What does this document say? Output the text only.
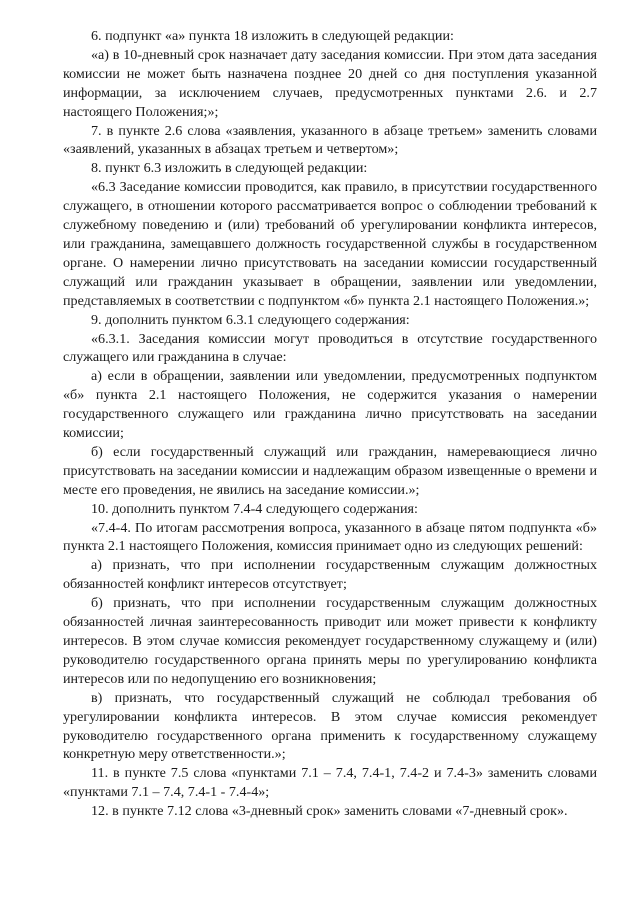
6. подпункт «а» пункта 18 изложить в следующей редакции:

«а) в 10-дневный срок назначает дату заседания комиссии. При этом дата заседания комиссии не может быть назначена позднее 20 дней со дня поступления указанной информации, за исключением случаев, предусмотренных пунктами 2.6. и 2.7 настоящего Положения;»;

7. в пункте 2.6 слова «заявления, указанного в абзаце третьем» заменить словами «заявлений, указанных в абзацах третьем и четвертом»;

8. пункт 6.3 изложить в следующей редакции:

«6.3 Заседание комиссии проводится, как правило, в присутствии государственного служащего, в отношении которого рассматривается вопрос о соблюдении требований к служебному поведению и (или) требований об урегулировании конфликта интересов, или гражданина, замещавшего должность государственной службы в государственном органе. О намерении лично присутствовать на заседании комиссии государственный служащий или гражданин указывает в обращении, заявлении или уведомлении, представляемых в соответствии с подпунктом «б» пункта 2.1 настоящего Положения.»;

9. дополнить пунктом 6.3.1 следующего содержания:

«6.3.1. Заседания комиссии могут проводиться в отсутствие государственного служащего или гражданина в случае:

а) если в обращении, заявлении или уведомлении, предусмотренных подпунктом «б» пункта 2.1 настоящего Положения, не содержится указания о намерении государственного служащего или гражданина лично присутствовать на заседании комиссии;

б) если государственный служащий или гражданин, намеревающиеся лично присутствовать на заседании комиссии и надлежащим образом извещенные о времени и месте его проведения, не явились на заседание комиссии.»;

10. дополнить пунктом 7.4-4 следующего содержания:

«7.4-4. По итогам рассмотрения вопроса, указанного в абзаце пятом подпункта «б» пункта 2.1 настоящего Положения, комиссия принимает одно из следующих решений:

а) признать, что при исполнении государственным служащим должностных обязанностей конфликт интересов отсутствует;

б) признать, что при исполнении государственным служащим должностных обязанностей личная заинтересованность приводит или может привести к конфликту интересов. В этом случае комиссия рекомендует государственному служащему и (или) руководителю государственного органа принять меры по урегулированию конфликта интересов или по недопущению его возникновения;

в) признать, что государственный служащий не соблюдал требования об урегулировании конфликта интересов. В этом случае комиссия рекомендует руководителю государственного органа применить к государственному служащему конкретную меру ответственности.»;

11. в пункте 7.5 слова «пунктами 7.1 – 7.4, 7.4-1, 7.4-2 и 7.4-3» заменить словами «пунктами 7.1 – 7.4, 7.4-1 - 7.4-4»;

12. в пункте 7.12 слова «3-дневный срок» заменить словами «7-дневный срок».
